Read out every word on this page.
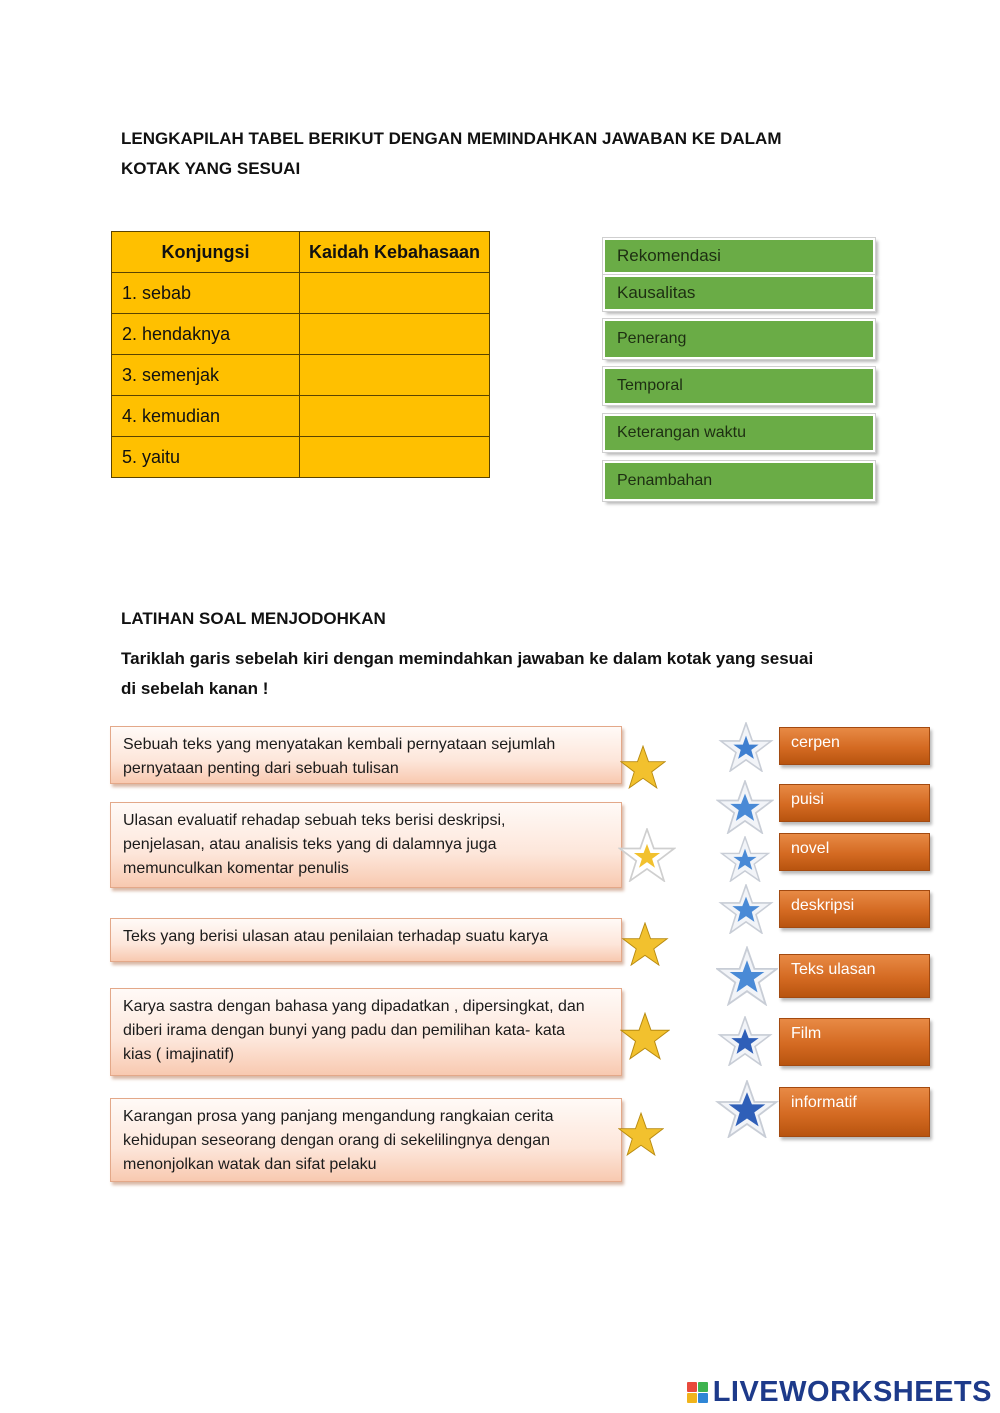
LENGKAPILAH TABEL BERIKUT DENGAN MEMINDAHKAN JAWABAN KE DALAM
KOTAK YANG SESUAI
Konjungsi	Kaidah Kebahasaan
1. sebab	
2. hendaknya	
3. semenjak	
4. kemudian	
5. yaitu	
Rekomendasi
Kausalitas
Penerang
Temporal
Keterangan waktu
Penambahan
LATIHAN SOAL MENJODOHKAN
Tariklah garis sebelah kiri dengan memindahkan jawaban ke dalam kotak yang sesuai
di sebelah kanan !
Sebuah teks yang menyatakan kembali pernyataan sejumlah
pernyataan penting dari sebuah tulisan
Ulasan evaluatif rehadap sebuah teks berisi deskripsi,
penjelasan, atau analisis teks yang di dalamnya juga
memunculkan komentar penulis
Teks yang berisi ulasan atau penilaian terhadap suatu karya
Karya sastra dengan bahasa yang dipadatkan , dipersingkat, dan
diberi irama dengan bunyi yang padu dan pemilihan kata- kata
kias ( imajinatif)
Karangan prosa yang panjang mengandung rangkaian cerita
kehidupan seseorang dengan orang di sekelilingnya dengan
menonjolkan watak dan sifat pelaku
cerpen
puisi
novel
deskripsi
Teks ulasan
Film
informatif
LIVEWORKSHEETS
